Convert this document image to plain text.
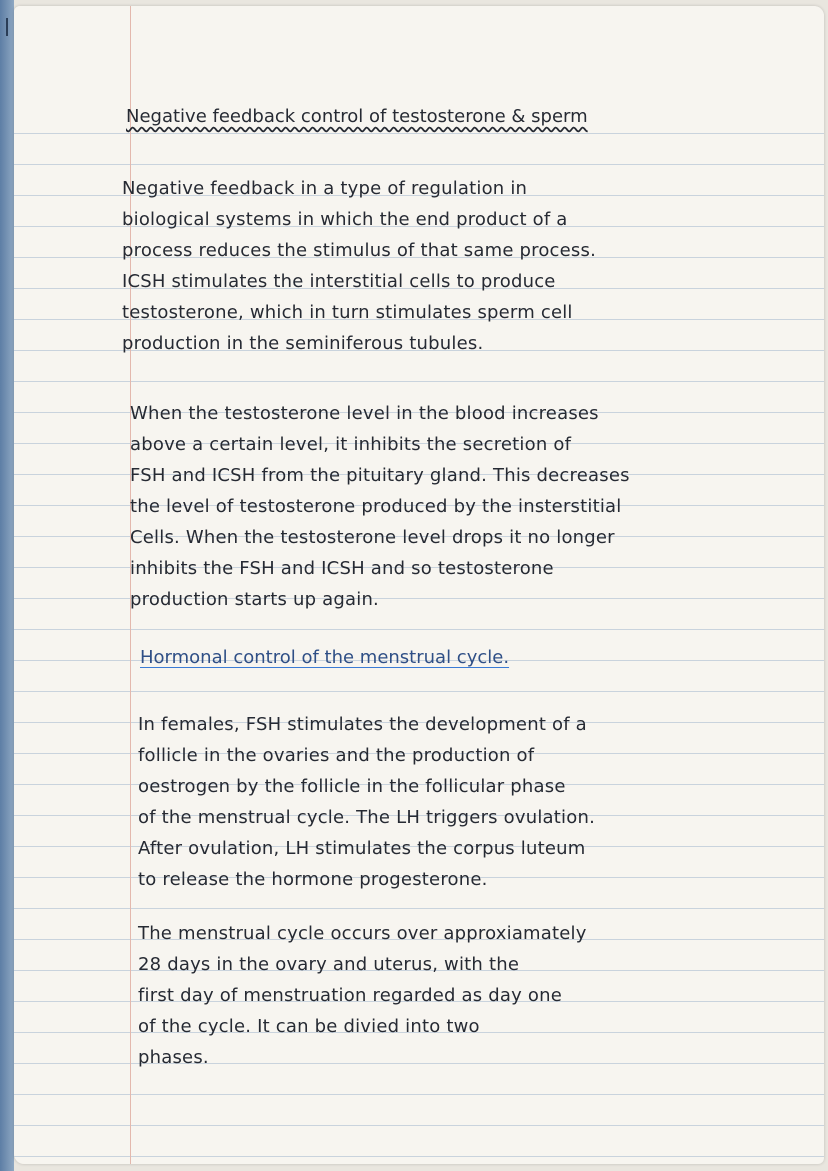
Negative feedback control of testosterone & sperm
Negative feedback in a type of regulation in
biological systems in which the end product of a
process reduces the stimulus of that same process.
ICSH stimulates the interstitial cells to produce
testosterone, which in turn stimulates sperm cell
production in the seminiferous tubules.
When the testosterone level in the blood increases
above a certain level, it inhibits the secretion of
FSH and ICSH from the pituitary gland. This decreases
the level of testosterone produced by the insterstitial
Cells. When the testosterone level drops it no longer
inhibits the FSH and ICSH and so testosterone
production starts up again.
Hormonal control of the menstrual cycle.
In females, FSH stimulates the development of a
follicle in the ovaries and the production of
oestrogen by the follicle in the follicular phase
of the menstrual cycle. The LH triggers ovulation.
After ovulation, LH stimulates the corpus luteum
to release the hormone progesterone.
The menstrual cycle occurs over approxiamately
28 days in the ovary and uterus, with the
first day of menstruation regarded as day one
of the cycle. It can be divied into two
phases.
